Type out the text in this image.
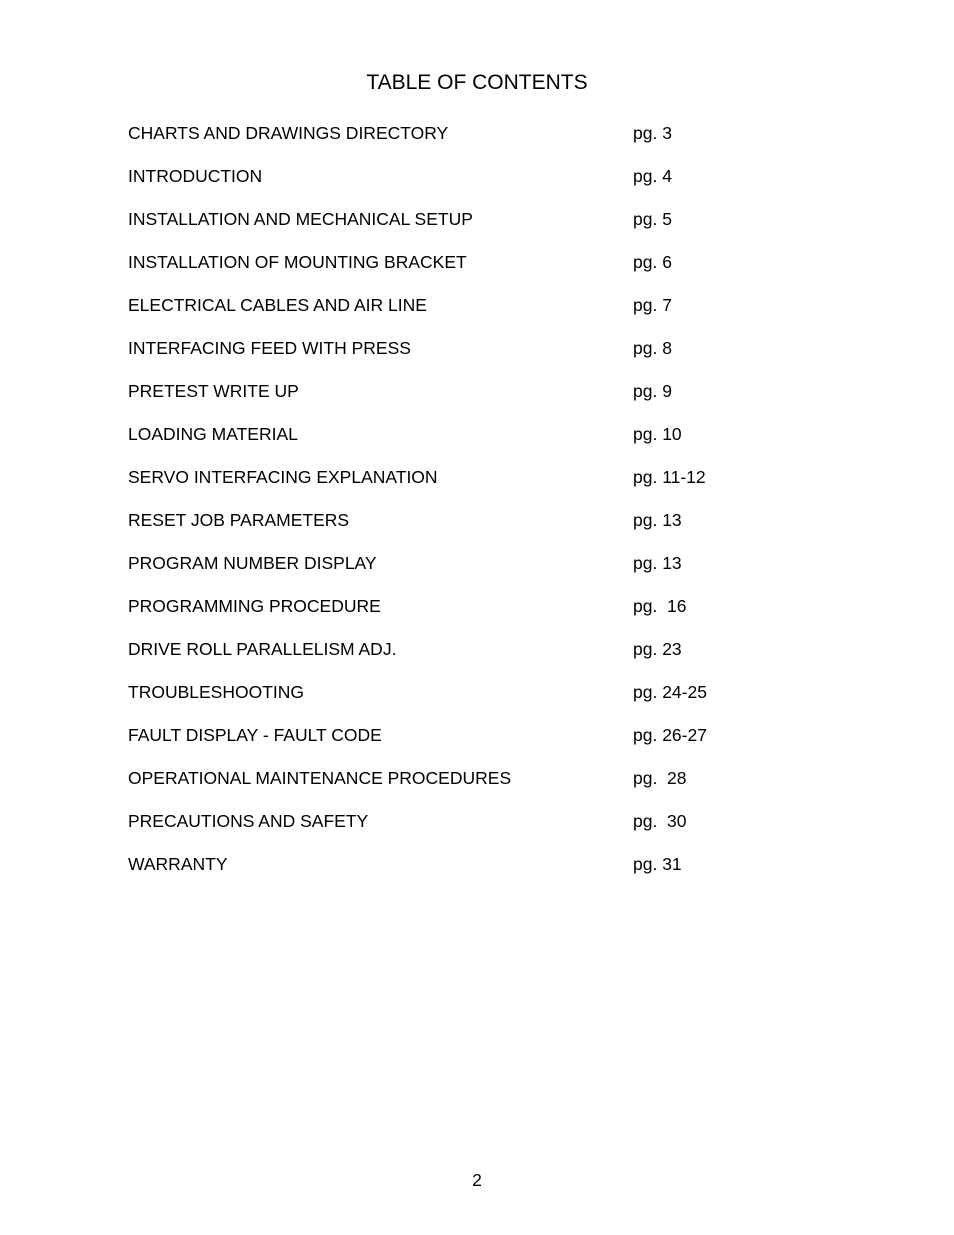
TABLE OF CONTENTS
CHARTS AND DRAWINGS DIRECTORY	pg. 3
INTRODUCTION	pg. 4
INSTALLATION AND MECHANICAL SETUP	pg. 5
INSTALLATION OF MOUNTING BRACKET	pg. 6
ELECTRICAL CABLES AND AIR LINE	pg. 7
INTERFACING FEED WITH PRESS	pg. 8
PRETEST WRITE UP	pg. 9
LOADING MATERIAL	pg. 10
SERVO INTERFACING EXPLANATION	pg. 11-12
RESET JOB PARAMETERS	pg. 13
PROGRAM NUMBER DISPLAY	pg. 13
PROGRAMMING PROCEDURE	pg.  16
DRIVE ROLL PARALLELISM ADJ.	pg. 23
TROUBLESHOOTING	pg. 24-25
FAULT DISPLAY - FAULT CODE	pg. 26-27
OPERATIONAL MAINTENANCE PROCEDURES	pg.  28
PRECAUTIONS AND SAFETY	pg.  30
WARRANTY	pg. 31
2
